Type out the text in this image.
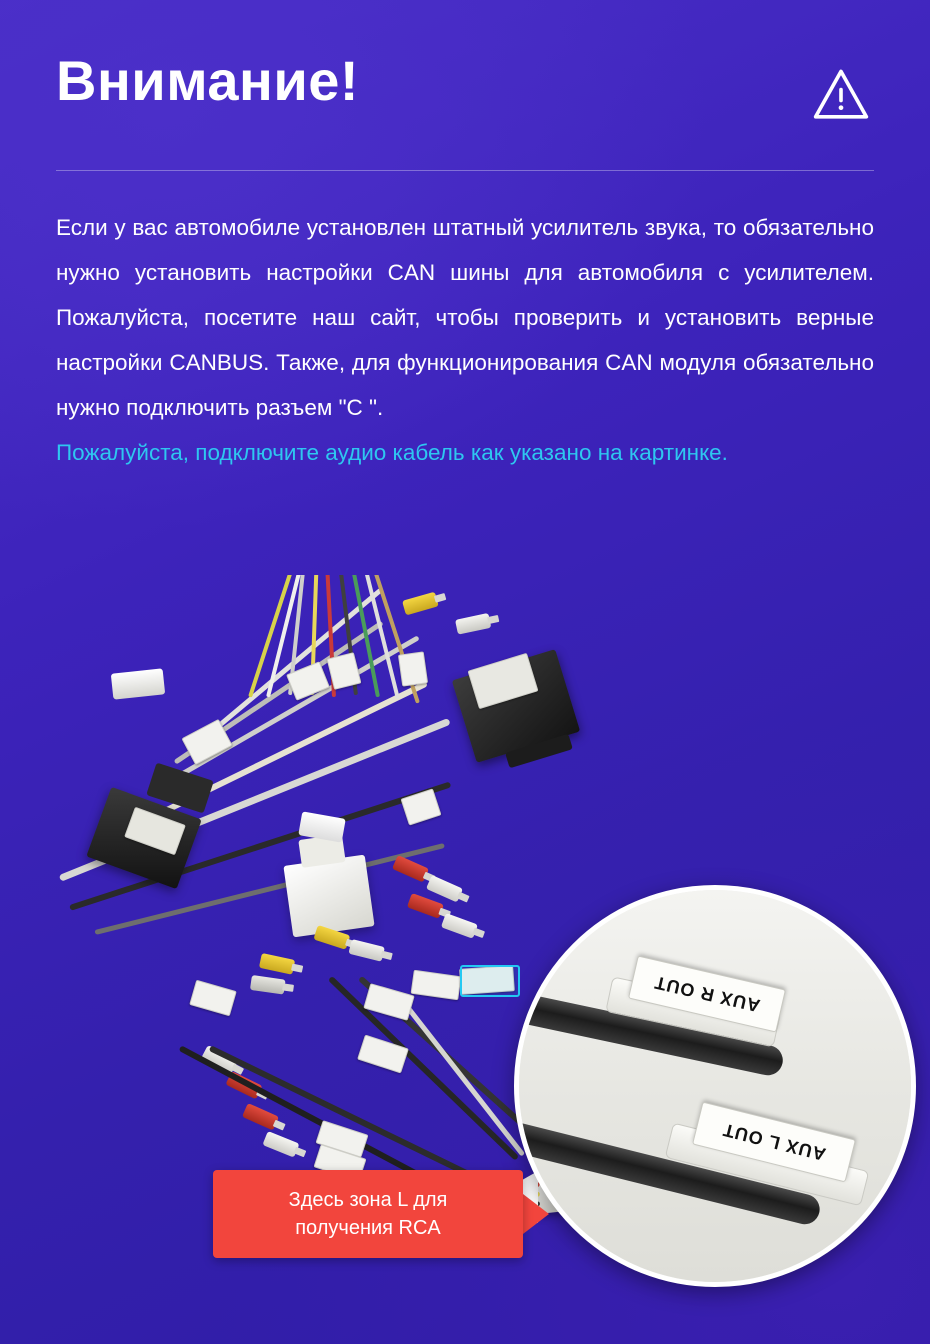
Внимание!

Если у вас автомобиле установлен штатный усилитель звука, то обязательно нужно установить настройки CAN шины для автомобиля с усилителем. Пожалуйста, посетите наш сайт, чтобы проверить и установить верные настройки CANBUS. Также, для функционирования CAN модуля обязательно нужно подключить разъем "С ".

Пожалуйста, подключите аудио кабель как указано на картинке.

AUX R OUT
AUX L OUT
Здесь зона L для
получения RCA
